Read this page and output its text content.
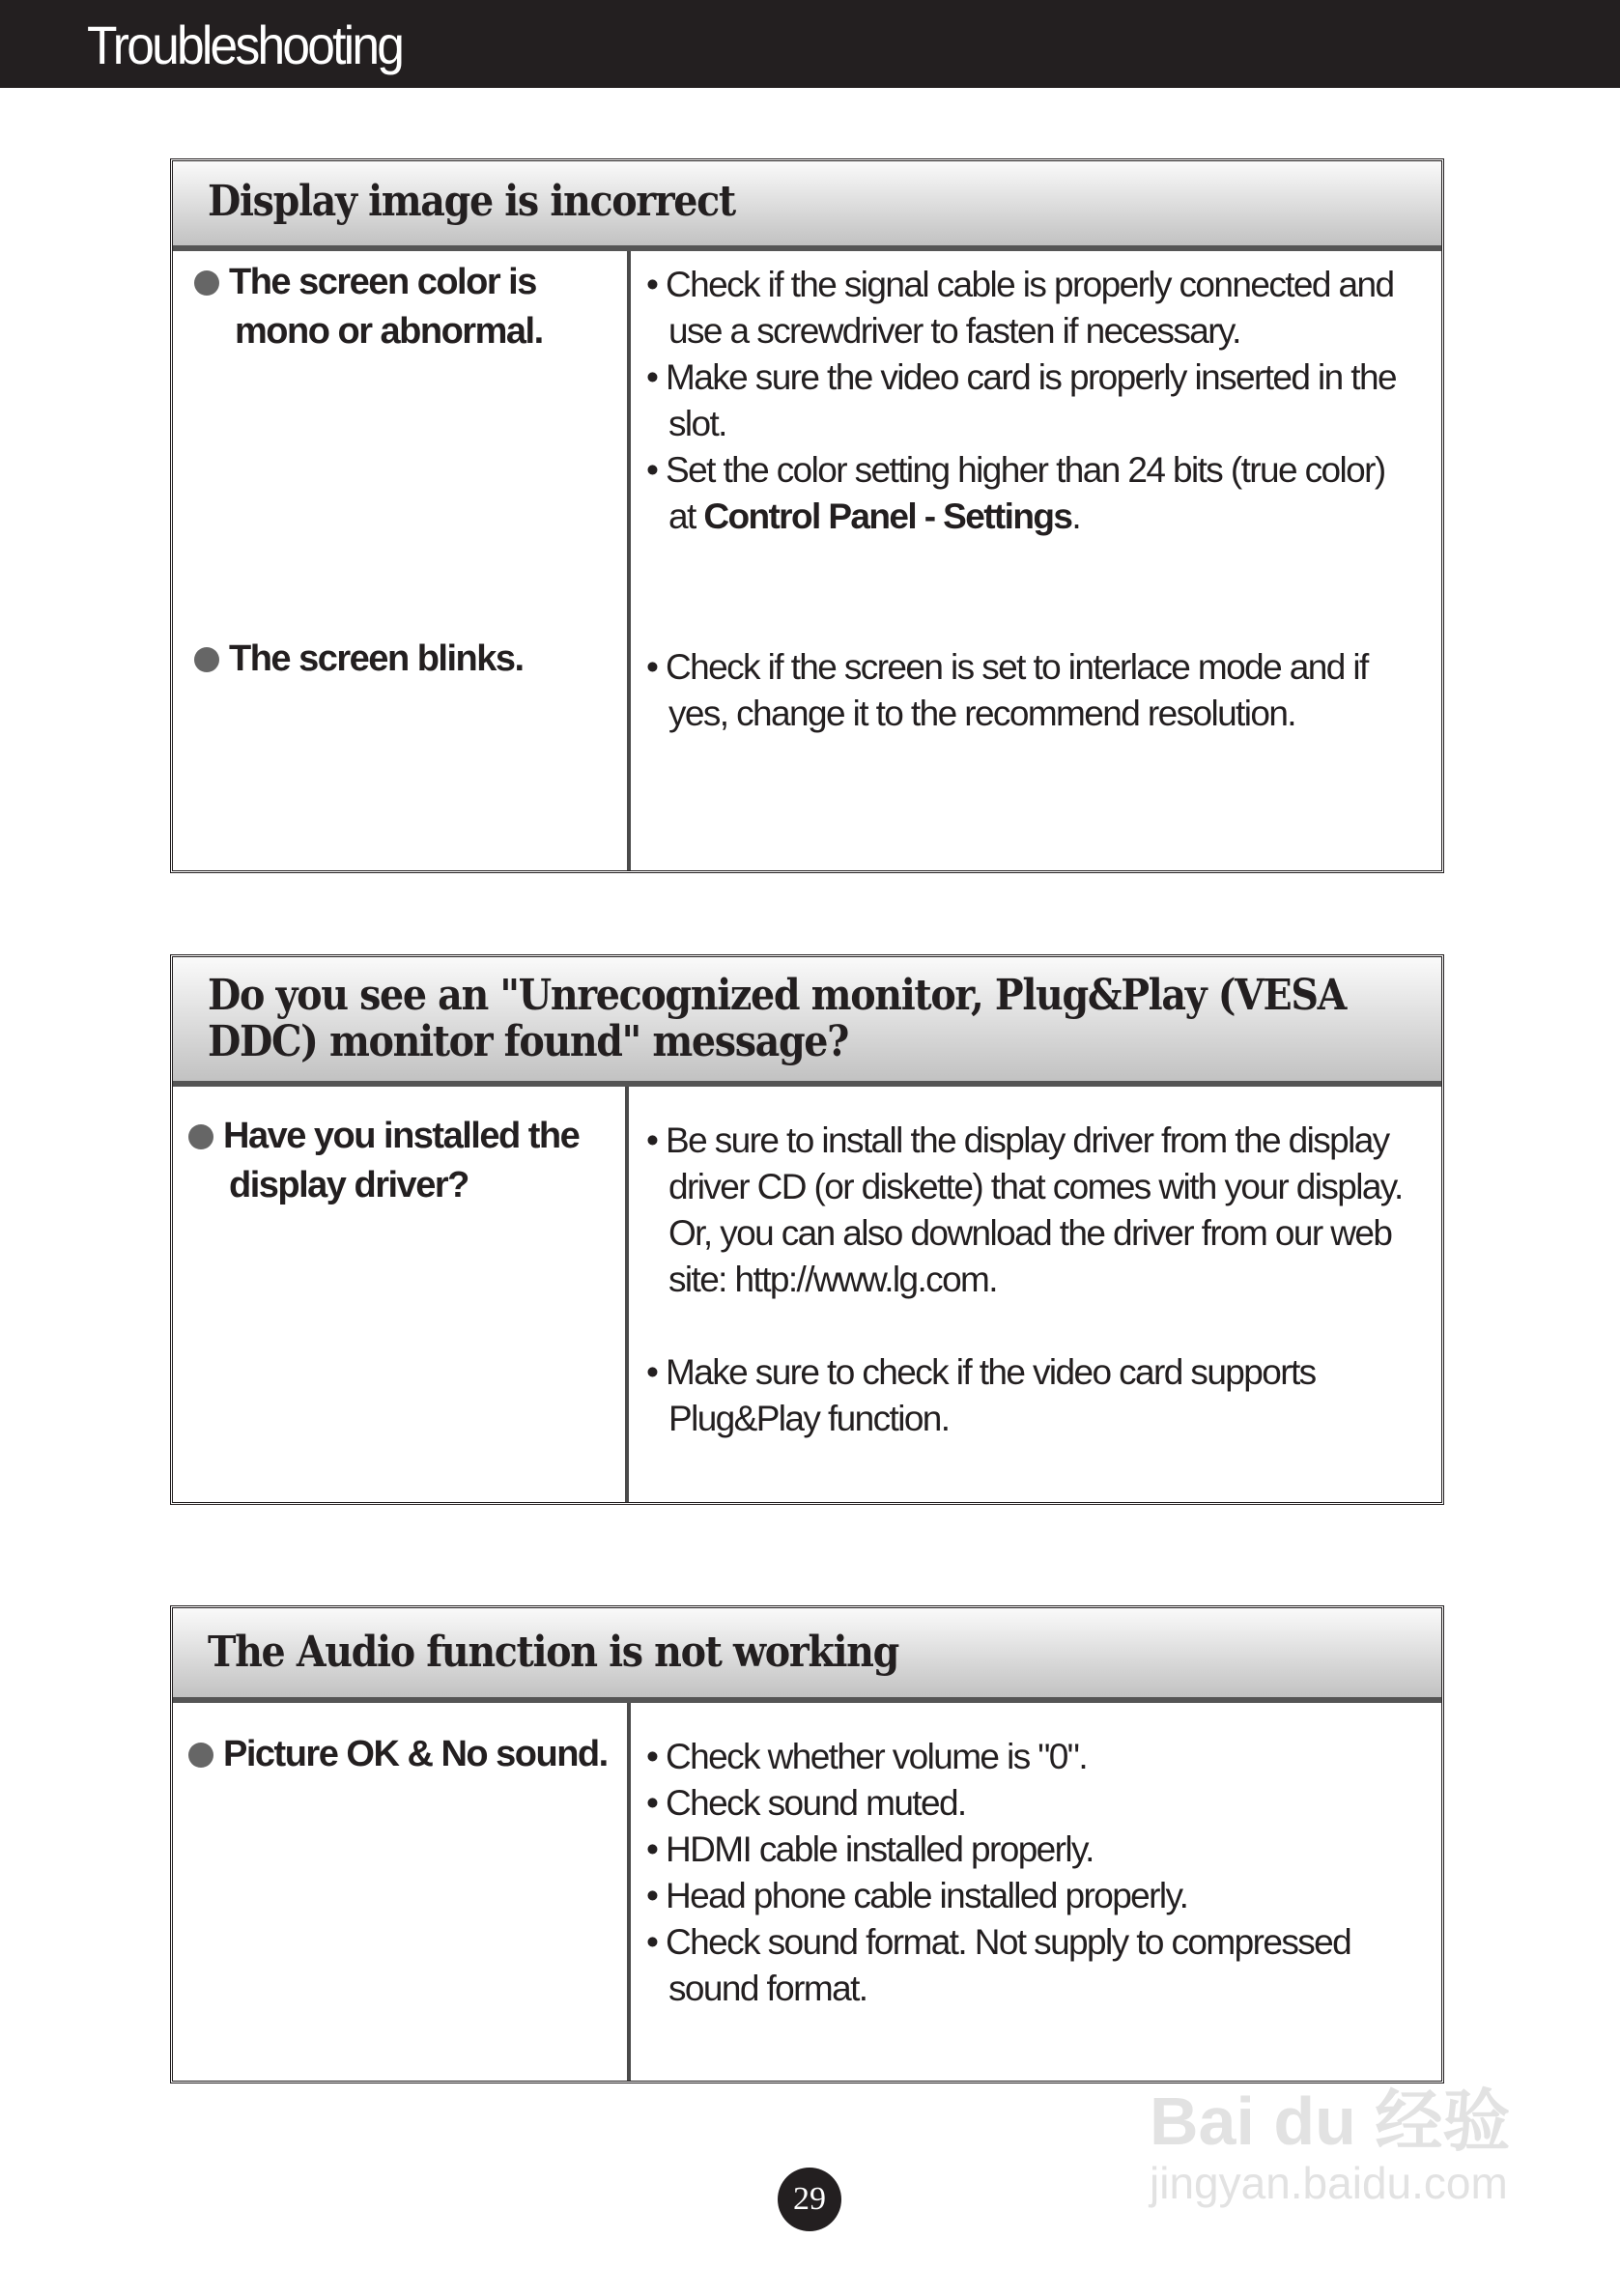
Troubleshooting
Display image is incorrect
The screen color is
mono or abnormal.
• Check if the signal cable is properly connected and use a screwdriver to fasten if necessary.
• Make sure the video card is properly inserted in the slot.
• Set the color setting higher than 24 bits (true color) at Control Panel - Settings.
The screen blinks.	• Check if the screen is set to interlace mode and if yes, change it to the recommend resolution.
Do you see an "Unrecognized monitor, Plug&Play (VESA
DDC) monitor found" message?
Have you installed the
display driver?
• Be sure to install the display driver from the display driver CD (or diskette) that comes with your display. Or, you can also download the driver from our web site: http://www.lg.com.
• Make sure to check if the video card supports Plug&Play function.
The Audio function is not working
Picture OK & No sound.	• Check whether volume is "0".
• Check sound muted.
• HDMI cable installed properly.
• Head phone cable installed properly.
• Check sound format. Not supply to compressed sound format.
Bai du 经验
jingyan.baidu.com
29
